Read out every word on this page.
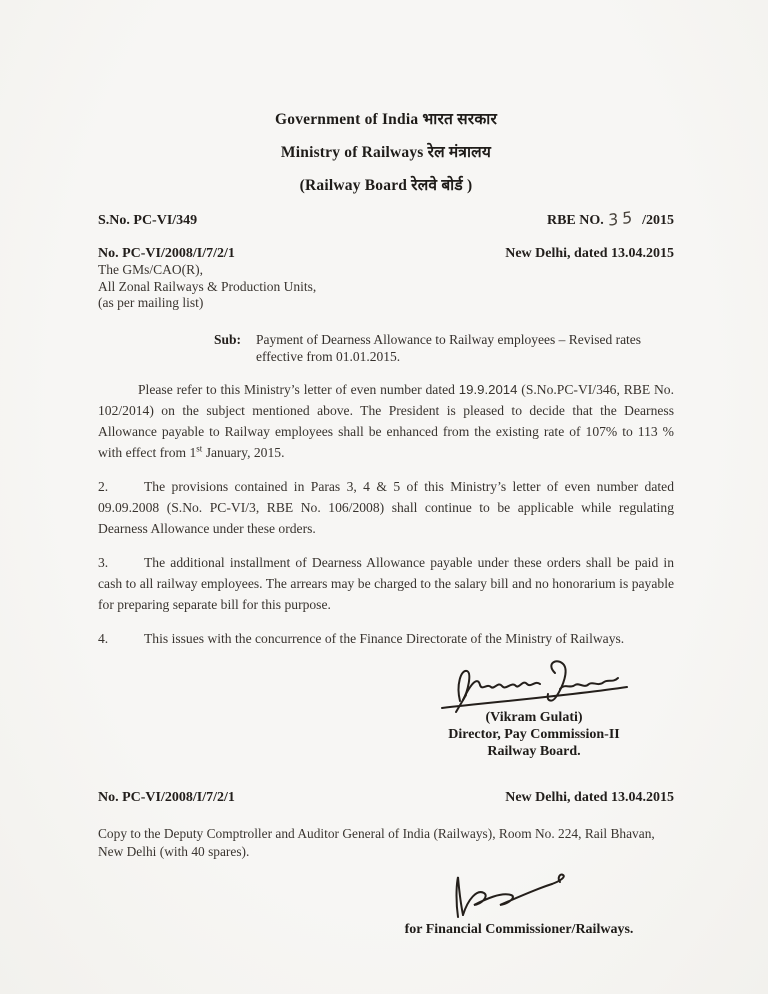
Government of India भारत सरकार
Ministry of Railways रेल मंत्रालय
(Railway Board रेलवे बोर्ड )
S.No. PC-VI/349	RBE NO. 35 /2015
No. PC-VI/2008/I/7/2/1	New Delhi, dated 13.04.2015
The GMs/CAO(R),
All Zonal Railways & Production Units,
(as per mailing list)
Sub: Payment of Dearness Allowance to Railway employees – Revised rates effective from 01.01.2015.
Please refer to this Ministry’s letter of even number dated 19.9.2014 (S.No.PC-VI/346, RBE No. 102/2014) on the subject mentioned above. The President is pleased to decide that the Dearness Allowance payable to Railway employees shall be enhanced from the existing rate of 107% to 113 % with effect from 1st January, 2015.
2.	The provisions contained in Paras 3, 4 & 5 of this Ministry’s letter of even number dated 09.09.2008 (S.No. PC-VI/3, RBE No. 106/2008) shall continue to be applicable while regulating Dearness Allowance under these orders.
3.	The additional installment of Dearness Allowance payable under these orders shall be paid in cash to all railway employees. The arrears may be charged to the salary bill and no honorarium is payable for preparing separate bill for this purpose.
4.	This issues with the concurrence of the Finance Directorate of the Ministry of Railways.
(Vikram Gulati)
Director, Pay Commission-II
Railway Board.
No. PC-VI/2008/I/7/2/1	New Delhi, dated 13.04.2015
Copy to the Deputy Comptroller and Auditor General of India (Railways), Room No. 224, Rail Bhavan, New Delhi (with 40 spares).
for Financial Commissioner/Railways.
